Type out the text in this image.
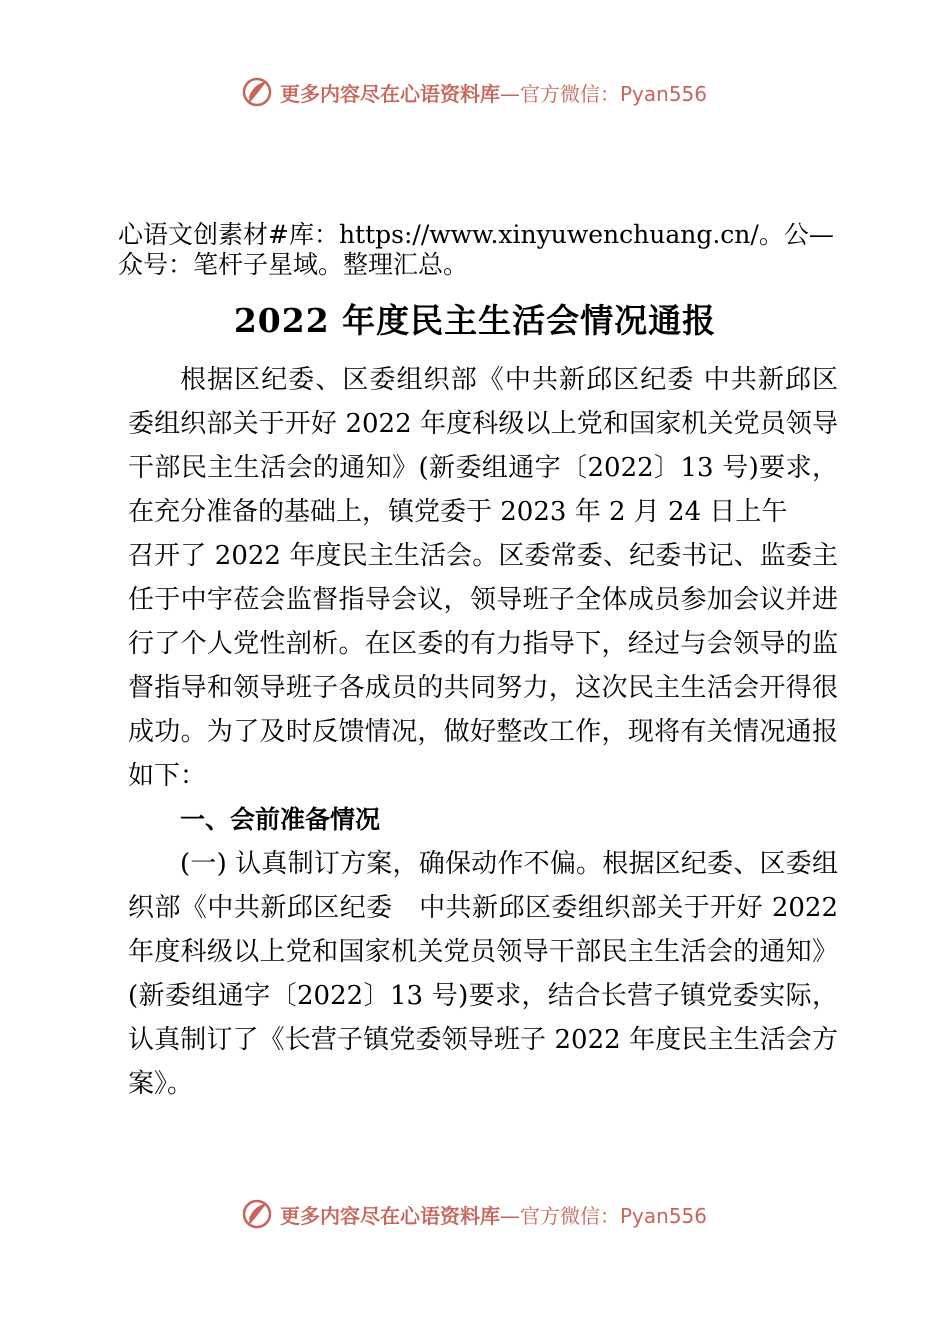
更多内容尽在心语资料库 —官方微信：Pyan556

心语文创素材#库：https://www.xinyuwenchuang.cn/。公—众号：笔杆子星域。整理汇总。

2022 年度民主生活会情况通报

根据区纪委、区委组织部《中共新邱区纪委 中共新邱区委组织部关于开好 2022 年度科级以上党和国家机关党员领导干部民主生活会的通知》(新委组通字〔2022〕13 号)要求，在充分准备的基础上，镇党委于 2023 年 2 月 24 日上午

召开了 2022 年度民主生活会。区委常委、纪委书记、监委主任于中宇莅会监督指导会议，领导班子全体成员参加会议并进行了个人党性剖析。在区委的有力指导下，经过与会领导的监督指导和领导班子各成员的共同努力，这次民主生活会开得很成功。为了及时反馈情况，做好整改工作，现将有关情况通报如下：

一、会前准备情况

(一) 认真制订方案，确保动作不偏。根据区纪委、区委组织部《中共新邱区纪委　中共新邱区委组织部关于开好 2022 年度科级以上党和国家机关党员领导干部民主生活会的通知》(新委组通字〔2022〕13 号)要求，结合长营子镇党委实际，认真制订了《长营子镇党委领导班子 2022 年度民主生活会方案》。

更多内容尽在心语资料库 —官方微信：Pyan556
